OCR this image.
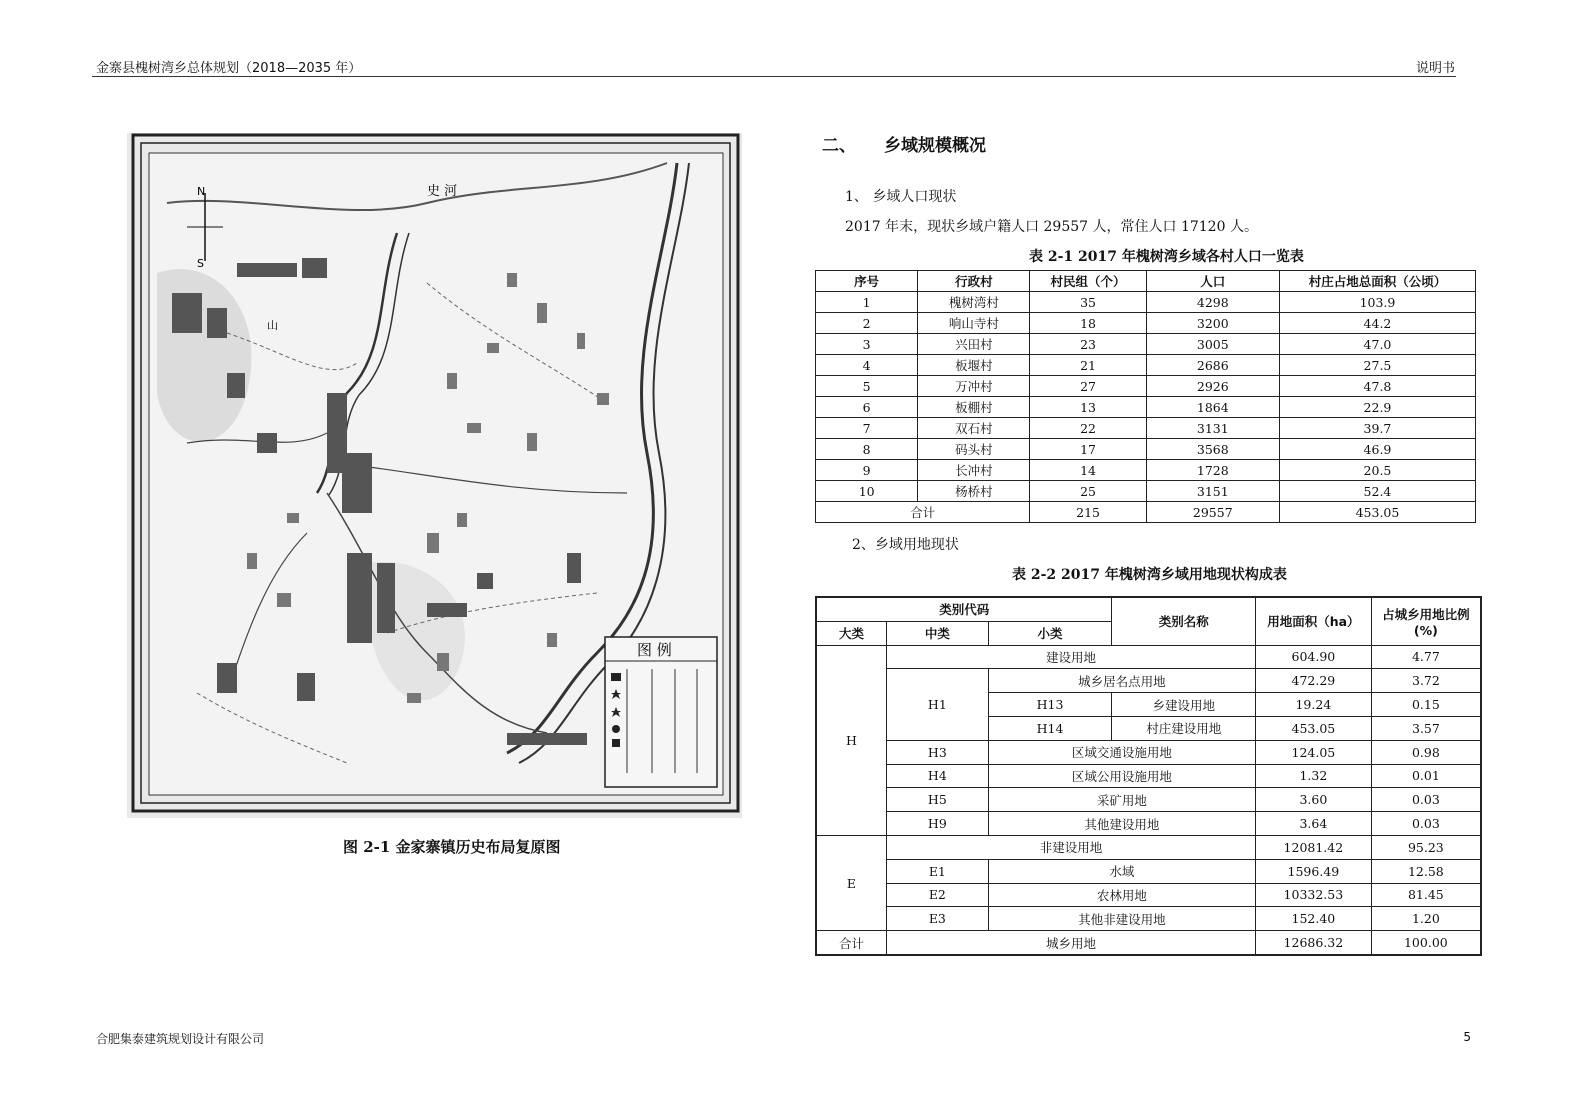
金寨县槐树湾乡总体规划（2018—2035 年）	说明书
N
S
史 河
山
图 例
图 2-1 金家寨镇历史布局复原图
二、 乡域规模概况
1、 乡域人口现状
2017 年末，现状乡域户籍人口 29557 人，常住人口 17120 人。
表 2-1 2017 年槐树湾乡域各村人口一览表
序号	行政村	村民组（个）	人口	村庄占地总面积（公顷）
1	槐树湾村	35	4298	103.9
2	响山寺村	18	3200	44.2
3	兴田村	23	3005	47.0
4	板堰村	21	2686	27.5
5	万冲村	27	2926	47.8
6	板棚村	13	1864	22.9
7	双石村	22	3131	39.7
8	码头村	17	3568	46.9
9	长冲村	14	1728	20.5
10	杨桥村	25	3151	52.4
合计		215	29557	453.05
2、乡域用地现状
表 2-2 2017 年槐树湾乡域用地现状构成表
类别代码			类别名称	用地面积（ha）	占城乡用地比例
(%)
大类	中类	小类			
H	建设用地			604.90	4.77
	H1	城乡居名点用地		472.29	3.72
		H13	乡建设用地	19.24	0.15
		H14	村庄建设用地	453.05	3.57
	H3	区域交通设施用地		124.05	0.98
	H4	区域公用设施用地		1.32	0.01
	H5	采矿用地		3.60	0.03
	H9	其他建设用地		3.64	0.03
E	非建设用地			12081.42	95.23
	E1	水域		1596.49	12.58
	E2	农林用地		10332.53	81.45
	E3	其他非建设用地		152.40	1.20
合计	城乡用地			12686.32	100.00
合肥集泰建筑规划设计有限公司	5
